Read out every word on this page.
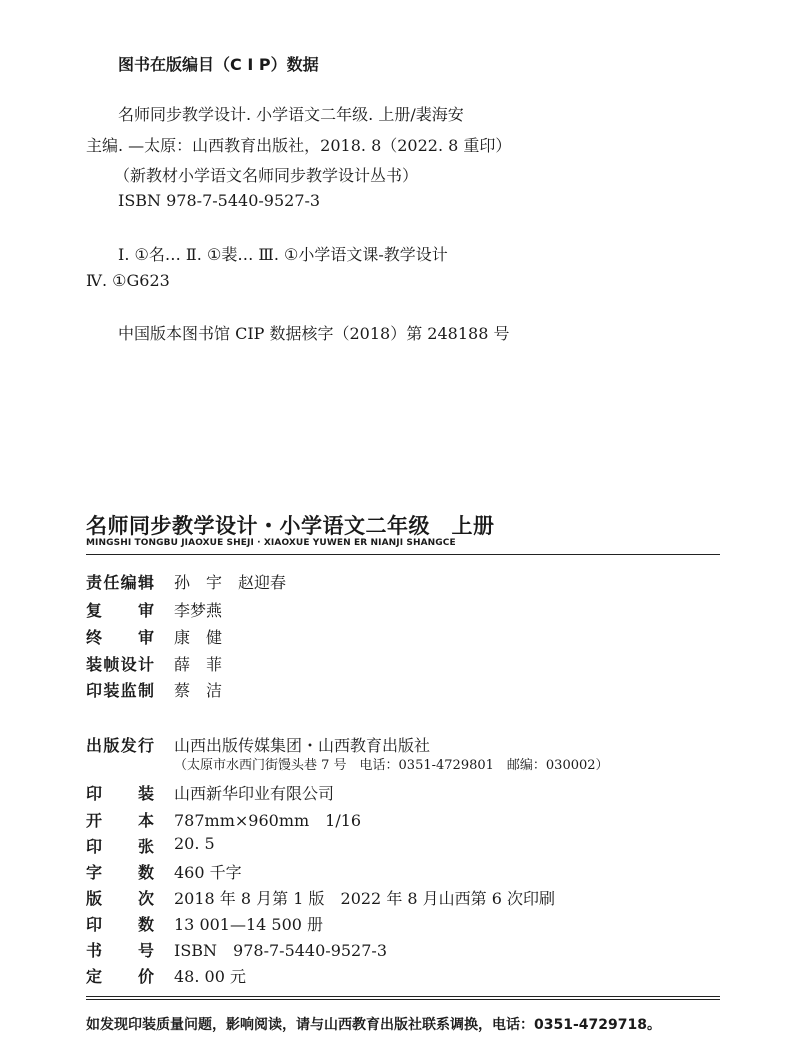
图书在版编目（C I P）数据
名师同步教学设计. 小学语文二年级. 上册/裴海安
主编. —太原：山西教育出版社，2018. 8（2022. 8 重印）
（新教材小学语文名师同步教学设计丛书）
ISBN 978-7-5440-9527-3
Ⅰ. ①名… Ⅱ. ①裴… Ⅲ. ①小学语文课-教学设计
Ⅳ. ①G623
中国版本图书馆 CIP 数据核字（2018）第 248188 号
名师同步教学设计・小学语文二年级　上册
MINGSHI TONGBU JIAOXUE SHEJI · XIAOXUE YUWEN ER NIANJI SHANGCE
责任编辑 孙　宇　赵迎春
复　　审 李梦燕
终　　审 康　健
装帧设计 薛　菲
印装监制 蔡　洁
出版发行 山西出版传媒集团・山西教育出版社
（太原市水西门街馒头巷 7 号　电话：0351-4729801　邮编：030002）
印　　装 山西新华印业有限公司
开　　本 787mm×960mm　1/16
印　　张 20. 5
字　　数 460 千字
版　　次 2018 年 8 月第 1 版　2022 年 8 月山西第 6 次印刷
印　　数 13 001—14 500 册
书　　号 ISBN　978-7-5440-9527-3
定　　价 48. 00 元
如发现印装质量问题，影响阅读，请与山西教育出版社联系调换，电话：0351-4729718。
